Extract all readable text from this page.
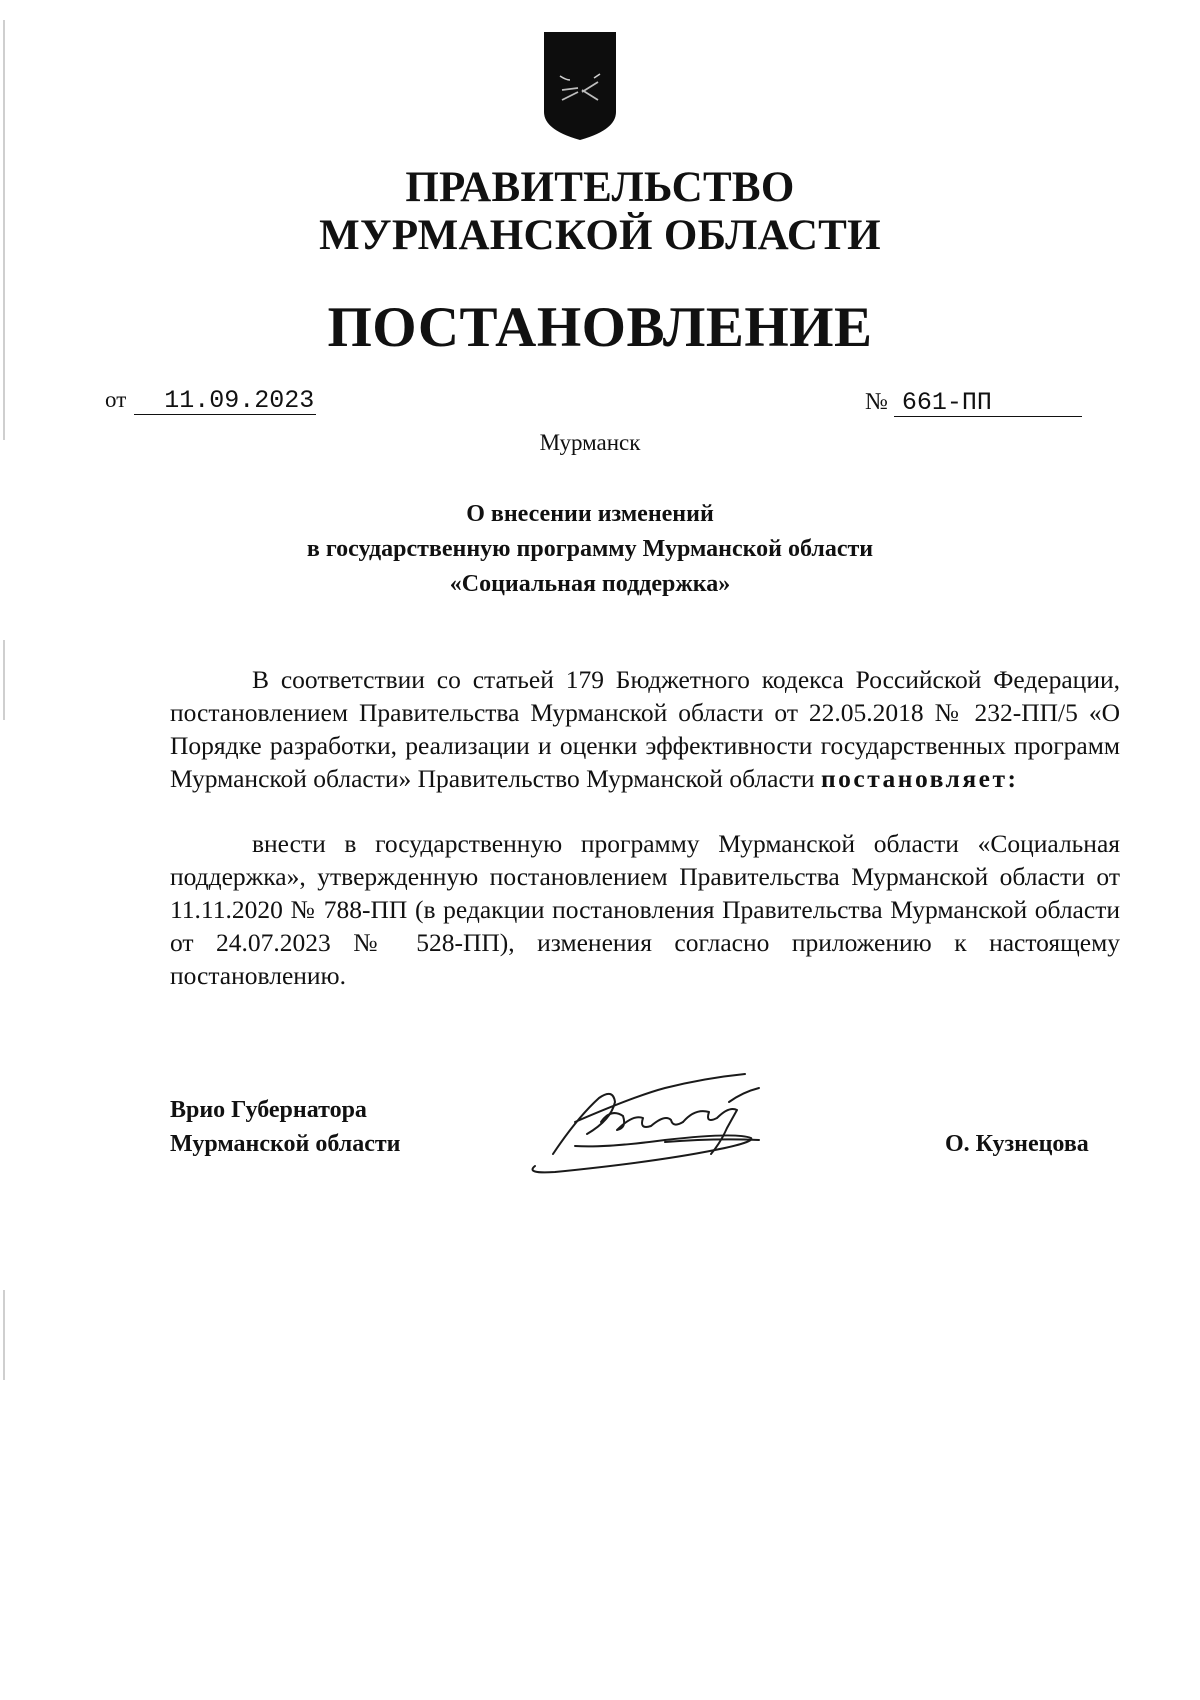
ПРАВИТЕЛЬСТВО
МУРМАНСКОЙ ОБЛАСТИ
ПОСТАНОВЛЕНИЕ
от 11.09.2023	№ 661-ПП
Мурманск
О внесении изменений
в государственную программу Мурманской области
«Социальная поддержка»
В соответствии со статьей 179 Бюджетного кодекса Российской Федерации, постановлением Правительства Мурманской области от 22.05.2018 № 232-ПП/5 «О Порядке разработки, реализации и оценки эффективности государственных программ Мурманской области» Правительство Мурманской области постановляет:
внести в государственную программу Мурманской области «Социальная поддержка», утвержденную постановлением Правительства Мурманской области от 11.11.2020 № 788-ПП (в редакции постановления Правительства Мурманской области от 24.07.2023 № 528-ПП), изменения согласно приложению к настоящему постановлению.
Врио Губернатора
Мурманской области	О. Кузнецова
